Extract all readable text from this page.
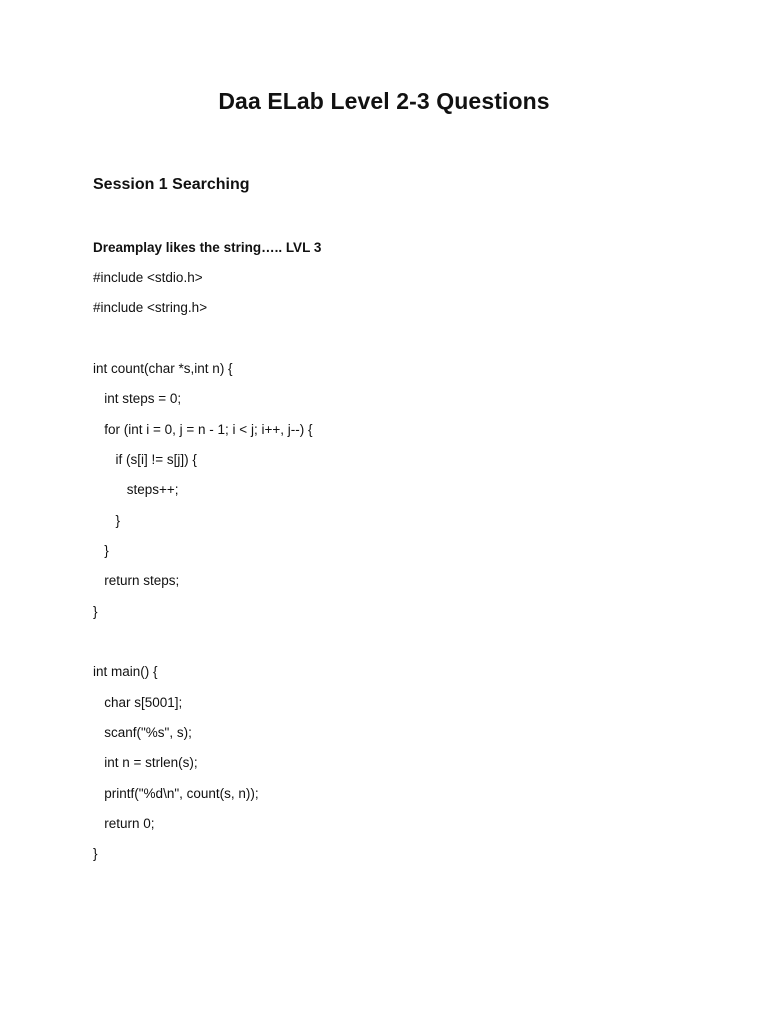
Daa ELab Level 2-3 Questions
Session 1 Searching
Dreamplay likes the string….. LVL 3
#include <stdio.h>
#include <string.h>
int count(char *s,int n) {
int steps = 0;
for (int i = 0, j = n - 1; i < j; i++, j--) {
if (s[i] != s[j]) {
steps++;
}
}
return steps;
}
int main() {
char s[5001];
scanf("%s", s);
int n = strlen(s);
printf("%d\n", count(s, n));
return 0;
}
